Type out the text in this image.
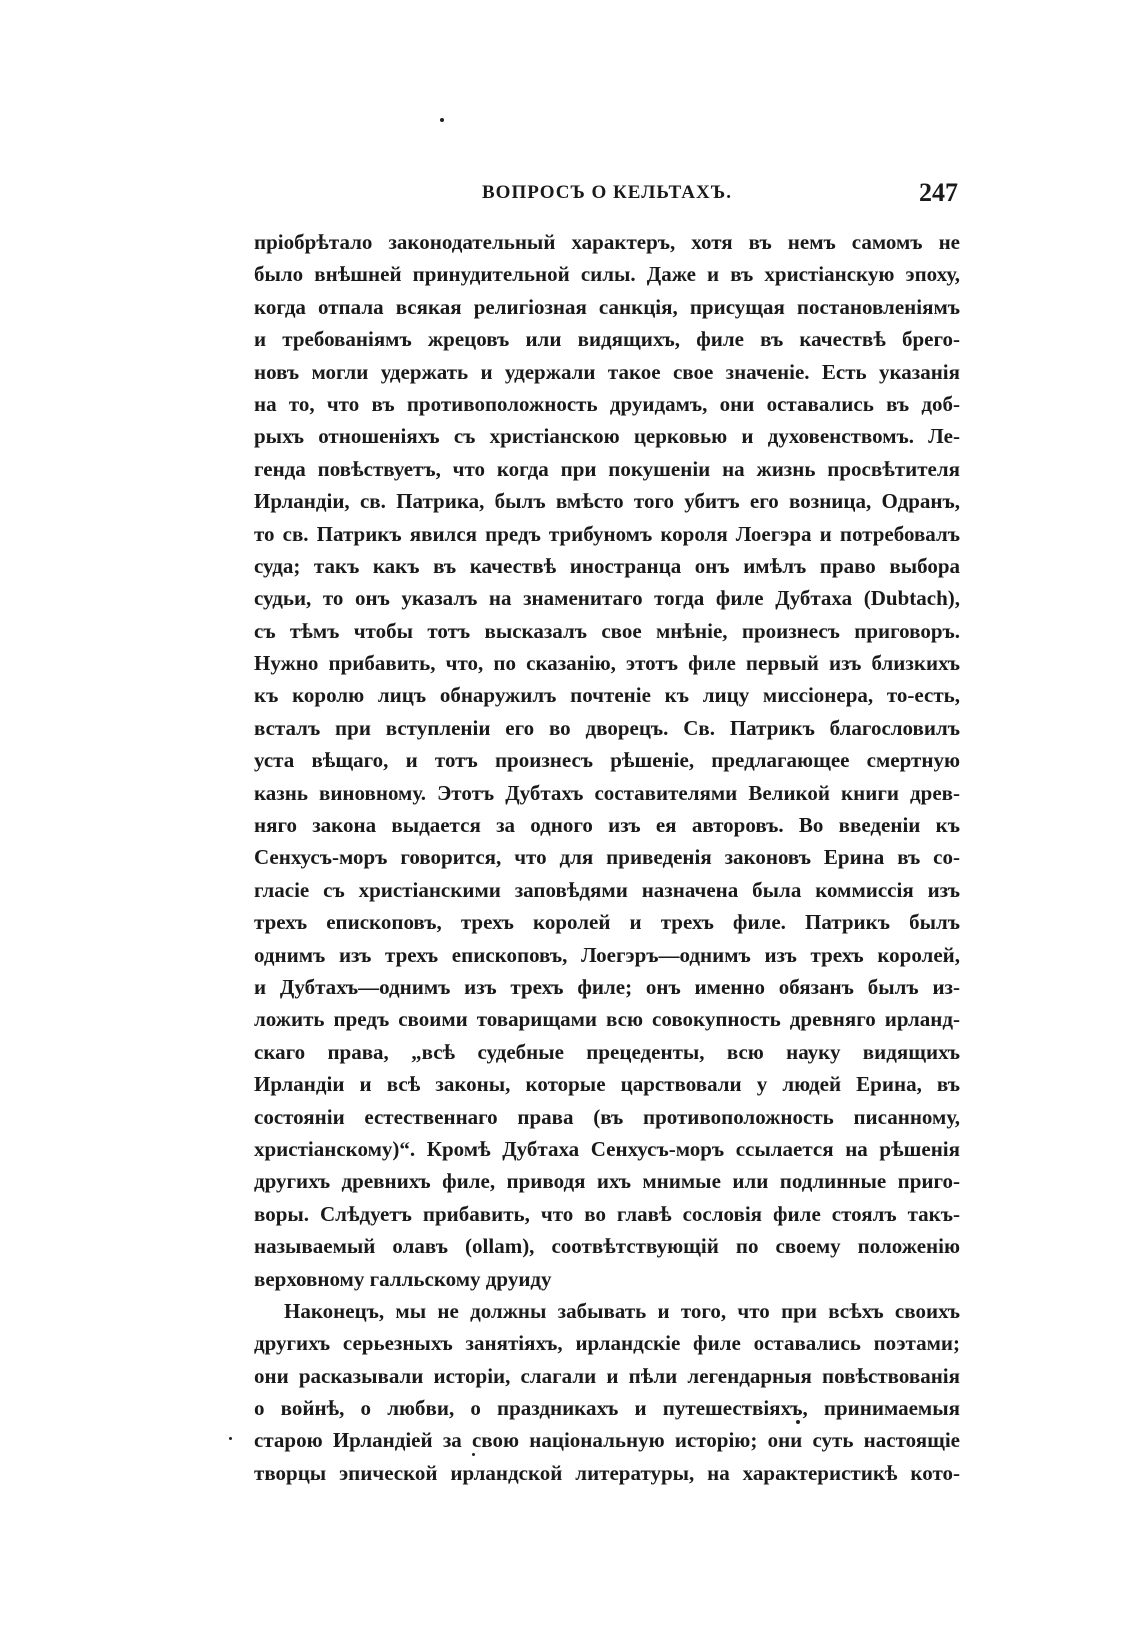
ВОПРОСЪ О КЕЛЬТАХЪ.	247
пріобрѣтало законодательный характеръ, хотя въ немъ самомъ не
было внѣшней принудительной силы. Даже и въ христіанскую эпоху,
когда отпала всякая религіозная санкція, присущая постановленіямъ
и требованіямъ жрецовъ или видящихъ, филе въ качествѣ брего-
новъ могли удержать и удержали такое свое значеніе. Есть указанія
на то, что въ противоположность друидамъ, они оставались въ доб-
рыхъ отношеніяхъ съ христіанскою церковью и духовенствомъ. Ле-
генда повѣствуетъ, что когда при покушеніи на жизнь просвѣтителя
Ирландіи, св. Патрика, былъ вмѣсто того убитъ его возница, Одранъ,
то св. Патрикъ явился предъ трибуномъ короля Лоегэра и потребовалъ
суда; такъ какъ въ качествѣ иностранца онъ имѣлъ право выбора
судьи, то онъ указалъ на знаменитаго тогда филе Дубтаха (Dubtach),
съ тѣмъ чтобы тотъ высказалъ свое мнѣніе, произнесъ приговоръ.
Нужно прибавить, что, по сказанію, этотъ филе первый изъ близкихъ
къ королю лицъ обнаружилъ почтеніе къ лицу миссіонера, то-есть,
всталъ при вступленіи его во дворецъ. Св. Патрикъ благословилъ
уста вѣщаго, и тотъ произнесъ рѣшеніе, предлагающее смертную
казнь виновному. Этотъ Дубтахъ составителями Великой книги древ-
няго закона выдается за одного изъ ея авторовъ. Во введеніи къ
Сенхусъ-моръ говорится, что для приведенія законовъ Ерина въ со-
гласіе съ христіанскими заповѣдями назначена была коммиссія изъ
трехъ епископовъ, трехъ королей и трехъ филе. Патрикъ былъ
однимъ изъ трехъ епископовъ, Лоегэръ—однимъ изъ трехъ королей,
и Дубтахъ—однимъ изъ трехъ филе; онъ именно обязанъ былъ из-
ложить предъ своими товарищами всю совокупность древняго ирланд-
скаго права, „всѣ судебные прецеденты, всю науку видящихъ
Ирландіи и всѣ законы, которые царствовали у людей Ерина, въ
состояніи естественнаго права (въ противоположность писанному,
христіанскому)“. Кромѣ Дубтаха Сенхусъ-моръ ссылается на рѣшенія
другихъ древнихъ филе, приводя ихъ мнимые или подлинные приго-
воры. Слѣдуетъ прибавить, что во главѣ сословія филе стоялъ такъ-
называемый олавъ (ollam), соотвѣтствующій по своему положенію
верховному галльскому друиду
Наконецъ, мы не должны забывать и того, что при всѣхъ своихъ
другихъ серьезныхъ занятіяхъ, ирландскіе филе оставались поэтами;
они расказывали исторіи, слагали и пѣли легендарныя повѣствованія
о войнѣ, о любви, о праздникахъ и путешествіяхъ, принимаемыя
старою Ирландіей за свою національную исторію; они суть настоящіе
творцы эпической ирландской литературы, на характеристикѣ кото-
